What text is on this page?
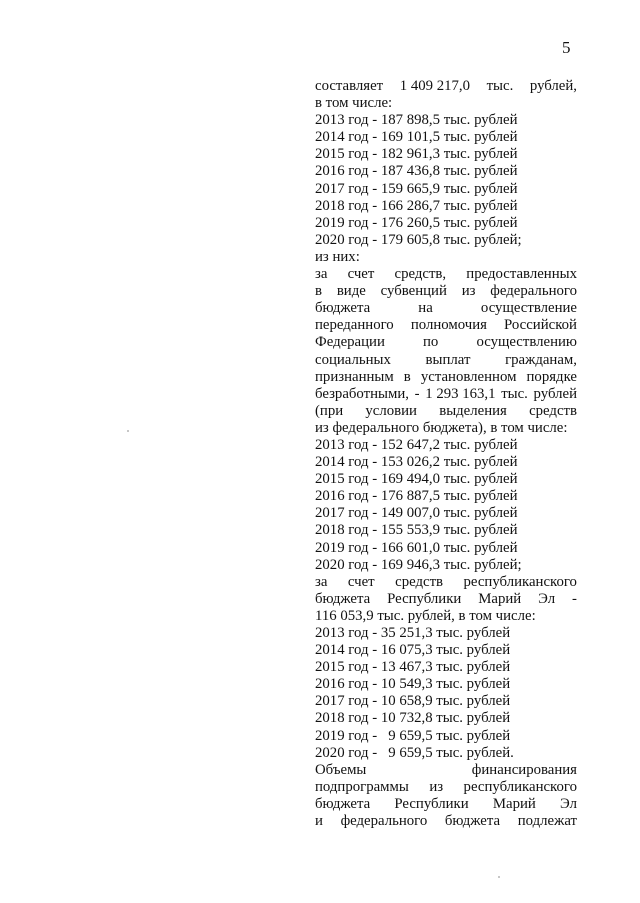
5
составляет 1 409 217,0 тыс. рублей,
в том числе:
2013 год - 187 898,5 тыс. рублей
2014 год - 169 101,5 тыс. рублей
2015 год - 182 961,3 тыс. рублей
2016 год - 187 436,8 тыс. рублей
2017 год - 159 665,9 тыс. рублей
2018 год - 166 286,7 тыс. рублей
2019 год - 176 260,5 тыс. рублей
2020 год - 179 605,8 тыс. рублей;
из них:
за счет средств, предоставленных
в виде субвенций из федерального
бюджета	на	осуществление
переданного полномочия Российской
Федерации	по	осуществлению
социальных выплат гражданам,
признанным в установленном порядке
безработными, - 1 293 163,1 тыс. рублей
(при условии выделения средств
из федерального бюджета), в том числе:
2013 год - 152 647,2 тыс. рублей
2014 год - 153 026,2 тыс. рублей
2015 год - 169 494,0 тыс. рублей
2016 год - 176 887,5 тыс. рублей
2017 год - 149 007,0 тыс. рублей
2018 год - 155 553,9 тыс. рублей
2019 год - 166 601,0 тыс. рублей
2020 год - 169 946,3 тыс. рублей;
за счет средств республиканского
бюджета Республики Марий Эл -
116 053,9 тыс. рублей, в том числе:
2013 год - 35 251,3 тыс. рублей
2014 год - 16 075,3 тыс. рублей
2015 год - 13 467,3 тыс. рублей
2016 год - 10 549,3 тыс. рублей
2017 год - 10 658,9 тыс. рублей
2018 год - 10 732,8 тыс. рублей
2019 год -   9 659,5 тыс. рублей
2020 год -   9 659,5 тыс. рублей.
Объемы	финансирования
подпрограммы из республиканского
бюджета Республики Марий Эл
и федерального бюджета подлежат
